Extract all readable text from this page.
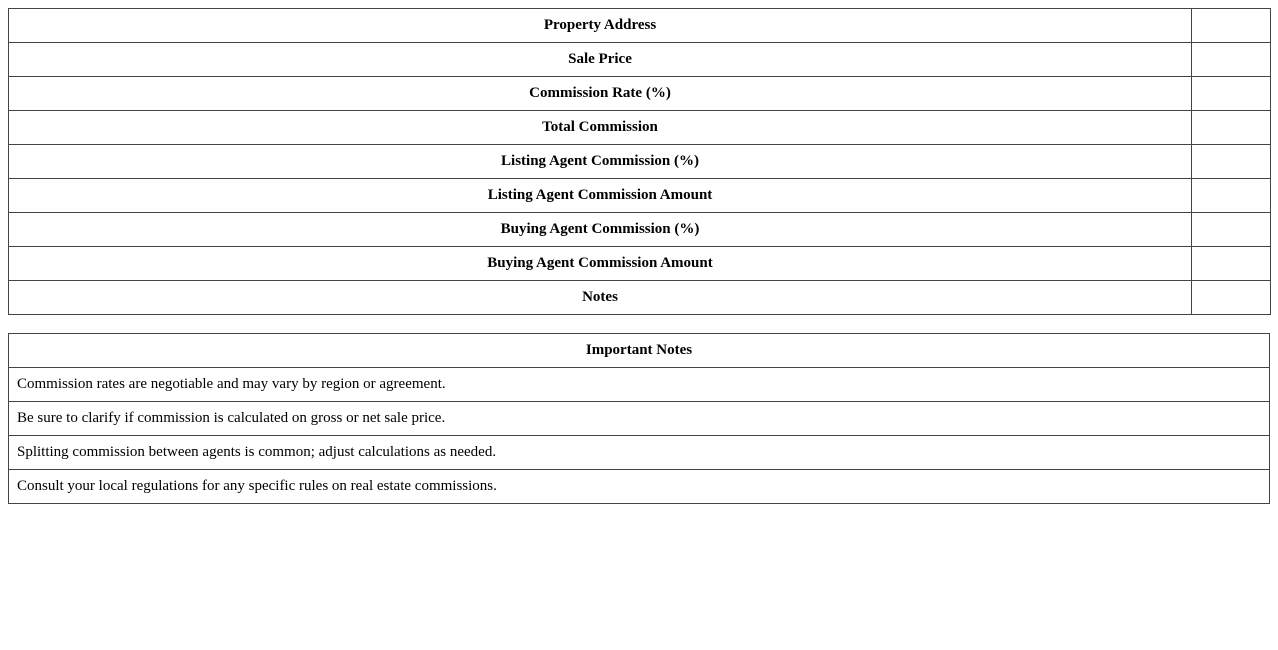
Property Address	
Sale Price	
Commission Rate (%)	
Total Commission	
Listing Agent Commission (%)	
Listing Agent Commission Amount	
Buying Agent Commission (%)	
Buying Agent Commission Amount	
Notes	
Important Notes
Commission rates are negotiable and may vary by region or agreement.
Be sure to clarify if commission is calculated on gross or net sale price.
Splitting commission between agents is common; adjust calculations as needed.
Consult your local regulations for any specific rules on real estate commissions.
